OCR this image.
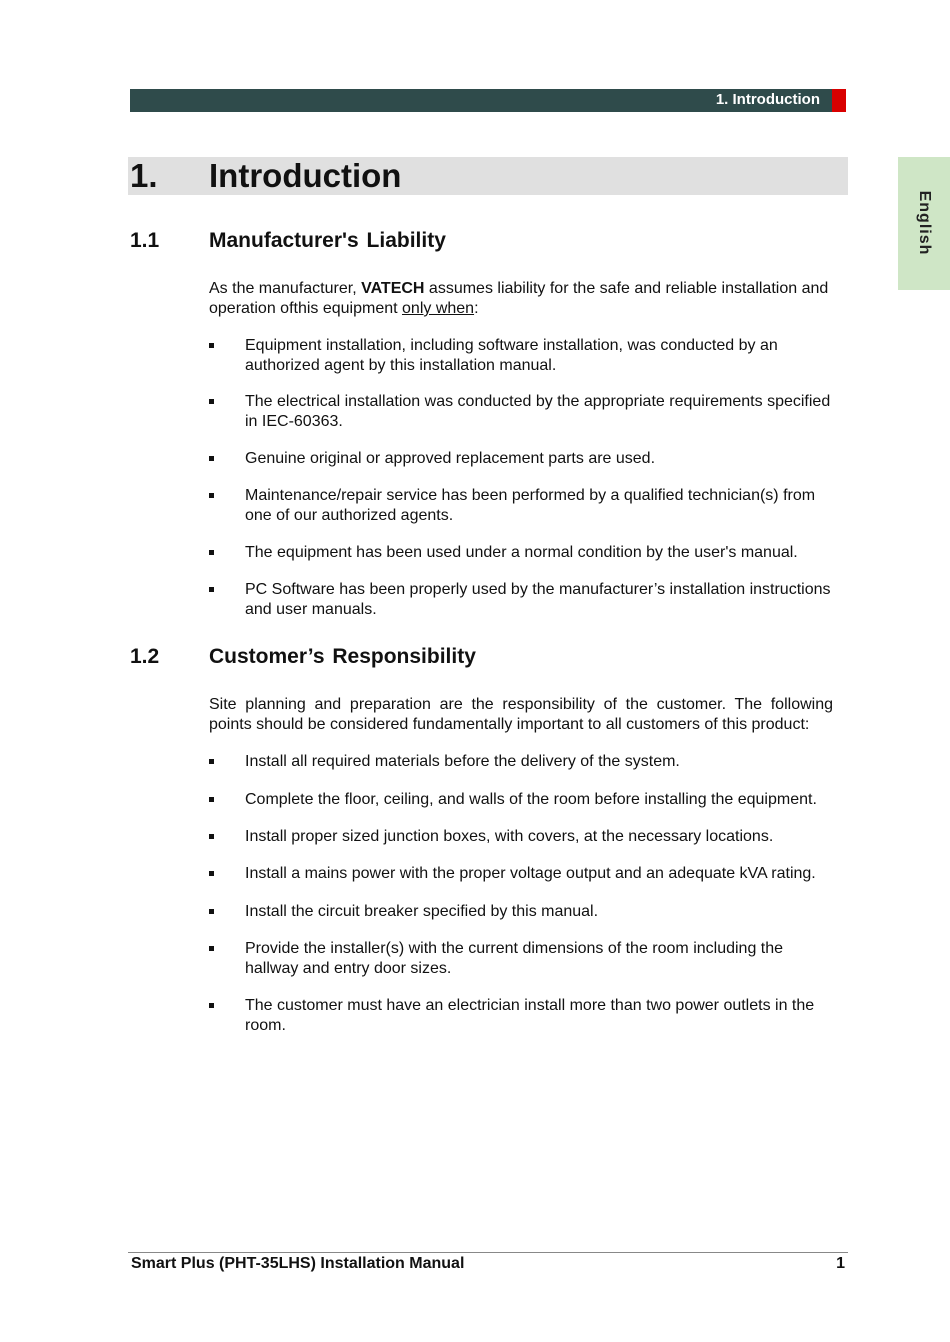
1. Introduction
English
1. Introduction
1.1 Manufacturer's Liability
As the manufacturer, VATECH assumes liability for the safe and reliable installation and operation ofthis equipment only when:
Equipment installation, including software installation, was conducted by an authorized agent by this installation manual.
The electrical installation was conducted by the appropriate requirements specified in IEC-60363.
Genuine original or approved replacement parts are used.
Maintenance/repair service has been performed by a qualified technician(s) from one of our authorized agents.
The equipment has been used under a normal condition by the user's manual.
PC Software has been properly used by the manufacturer’s installation instructions and user manuals.
1.2 Customer’s Responsibility
Site planning and preparation are the responsibility of the customer. The following points should be considered fundamentally important to all customers of this product:
Install all required materials before the delivery of the system.
Complete the floor, ceiling, and walls of the room before installing the equipment.
Install proper sized junction boxes, with covers, at the necessary locations.
Install a mains power with the proper voltage output and an adequate kVA rating.
Install the circuit breaker specified by this manual.
Provide the installer(s) with the current dimensions of the room including the hallway and entry door sizes.
The customer must have an electrician install more than two power outlets in the room.
Smart Plus (PHT-35LHS) Installation Manual	1
